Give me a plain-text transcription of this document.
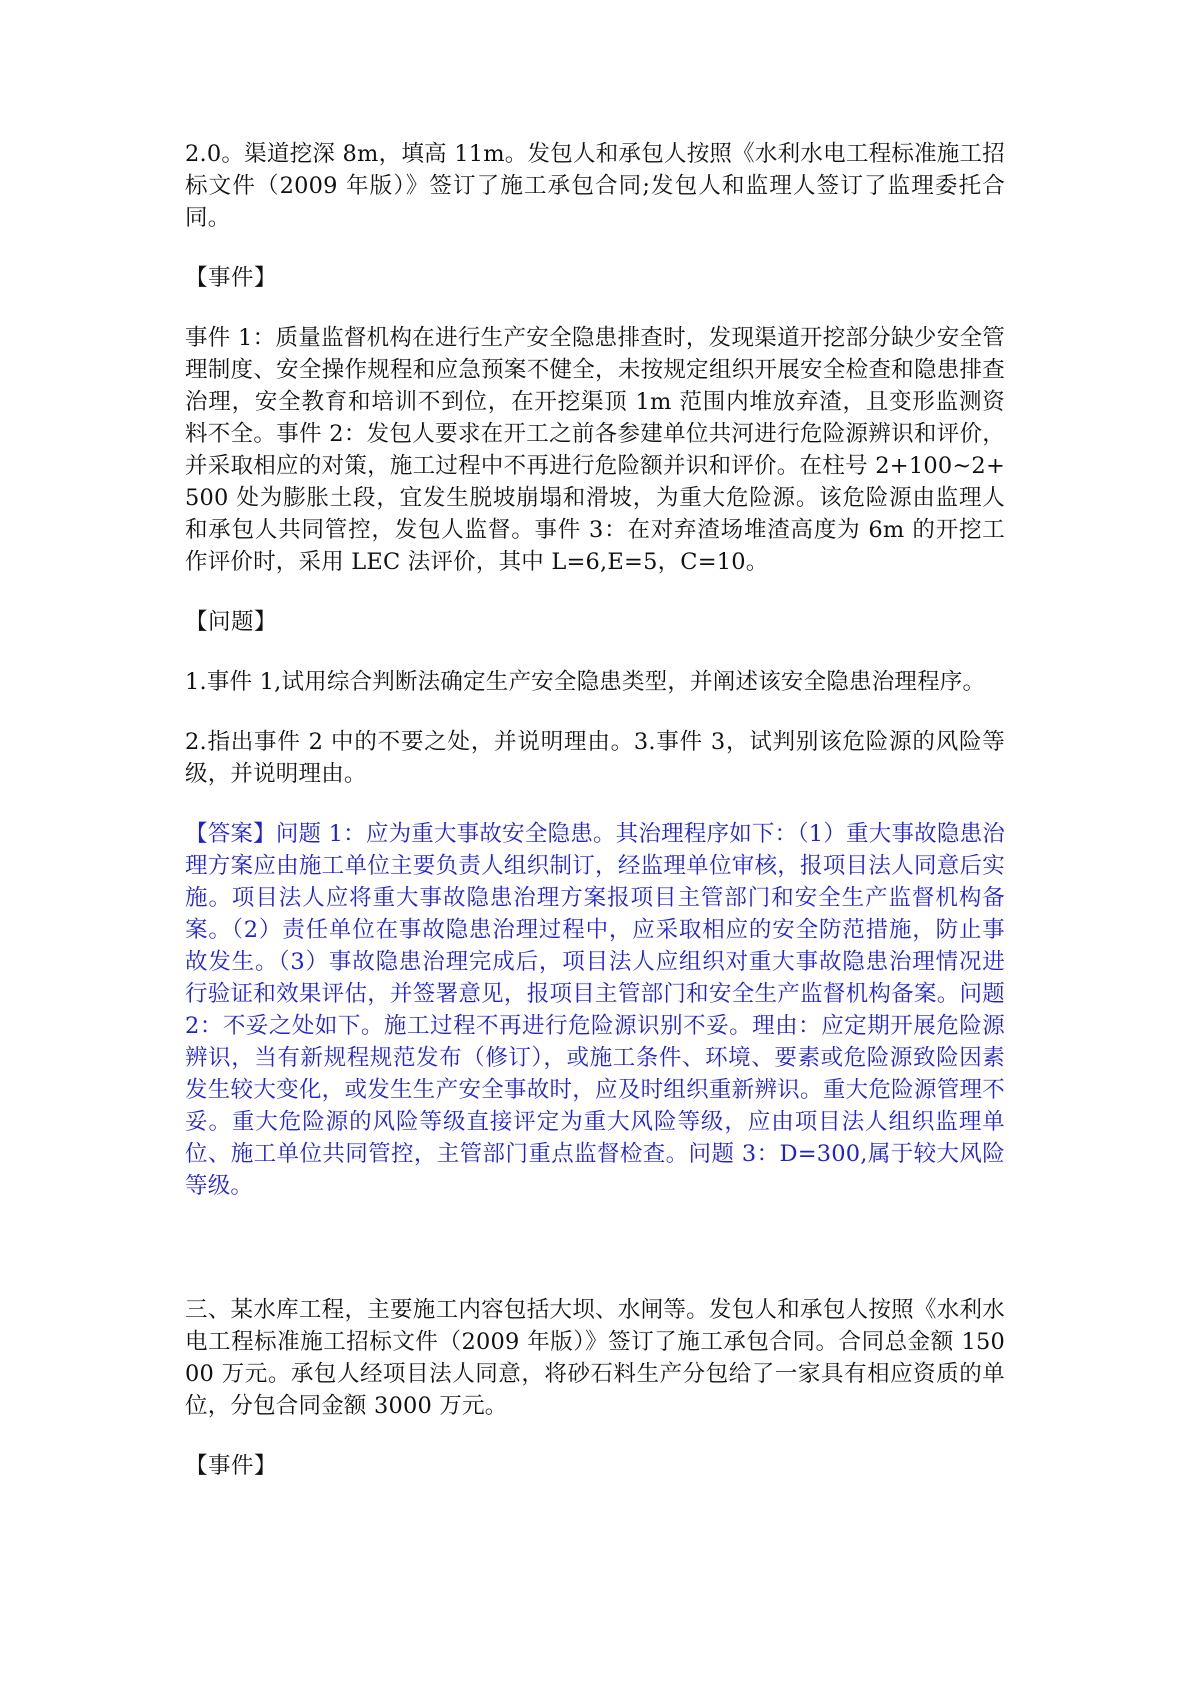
2.0。渠道挖深 8m，填高 11m。发包人和承包人按照《水利水电工程标准施工招标文件（2009 年版）》签订了施工承包合同;发包人和监理人签订了监理委托合同。

【事件】

事件 1：质量监督机构在进行生产安全隐患排查时，发现渠道开挖部分缺少安全管理制度、安全操作规程和应急预案不健全，未按规定组织开展安全检查和隐患排查治理，安全教育和培训不到位，在开挖渠顶 1m 范围内堆放弃渣，且变形监测资料不全。事件 2：发包人要求在开工之前各参建单位共河进行危险源辨识和评价，并采取相应的对策，施工过程中不再进行危险额并识和评价。在柱号 2+100~2+500 处为膨胀土段，宜发生脱坡崩塌和滑坡，为重大危险源。该危险源由监理人和承包人共同管控，发包人监督。事件 3：在对弃渣场堆渣高度为 6m 的开挖工作评价时，采用 LEC 法评价，其中 L=6,E=5，C=10。

【问题】

1.事件 1,试用综合判断法确定生产安全隐患类型，并阐述该安全隐患治理程序。

2.指出事件 2 中的不要之处，并说明理由。3.事件 3，试判别该危险源的风险等级，并说明理由。

【答案】问题 1：应为重大事故安全隐患。其治理程序如下：（1）重大事故隐患治理方案应由施工单位主要负责人组织制订，经监理单位审核，报项目法人同意后实施。项目法人应将重大事故隐患治理方案报项目主管部门和安全生产监督机构备案。（2）责任单位在事故隐患治理过程中，应采取相应的安全防范措施，防止事故发生。（3）事故隐患治理完成后，项目法人应组织对重大事故隐患治理情况进行验证和效果评估，并签署意见，报项目主管部门和安全生产监督机构备案。问题 2：不妥之处如下。施工过程不再进行危险源识别不妥。理由：应定期开展危险源辨识，当有新规程规范发布（修订），或施工条件、环境、要素或危险源致险因素发生较大变化，或发生生产安全事故时，应及时组织重新辨识。重大危险源管理不妥。重大危险源的风险等级直接评定为重大风险等级，应由项目法人组织监理单位、施工单位共同管控，主管部门重点监督检查。问题 3：D=300,属于较大风险等级。

三、某水库工程，主要施工内容包括大坝、水闸等。发包人和承包人按照《水利水电工程标准施工招标文件（2009 年版）》签订了施工承包合同。合同总金额 15000 万元。承包人经项目法人同意，将砂石料生产分包给了一家具有相应资质的单位，分包合同金额 3000 万元。

【事件】
